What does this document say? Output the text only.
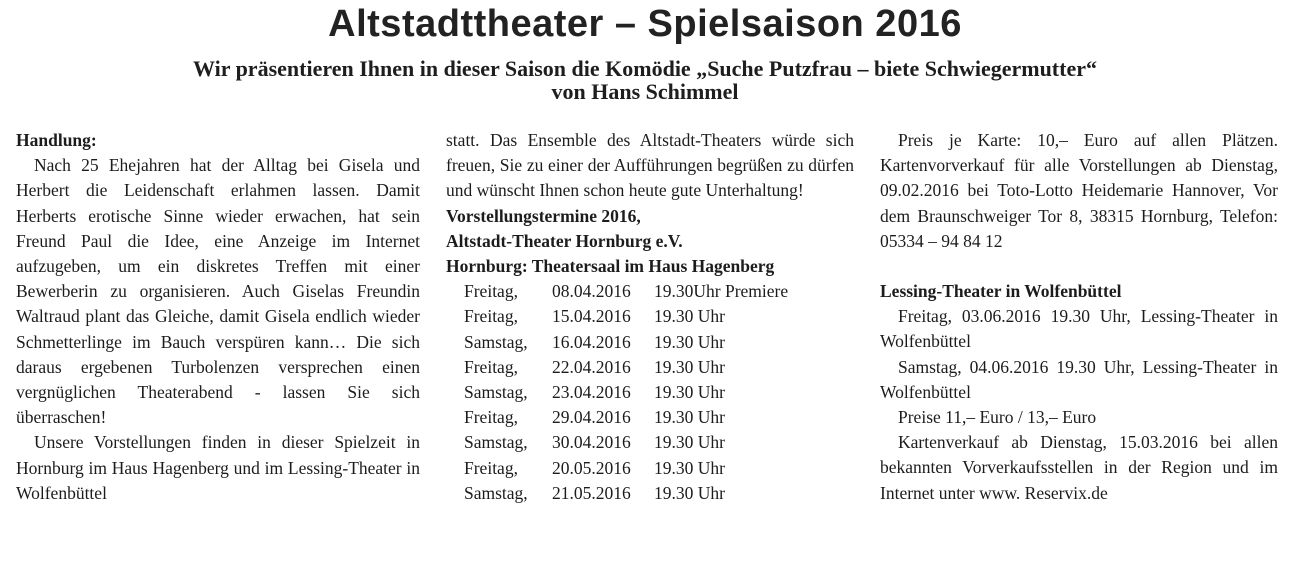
Altstadttheater – Spielsaison 2016
Wir präsentieren Ihnen in dieser Saison die Komödie „Suche Putzfrau – biete Schwiegermutter“
von Hans Schimmel

Handlung:

Nach 25 Ehejahren hat der Alltag bei Gisela und Herbert die Leidenschaft erlahmen lassen. Damit Herberts erotische Sinne wieder erwachen, hat sein Freund Paul die Idee, eine Anzeige im Internet aufzugeben, um ein diskretes Treffen mit einer Bewerberin zu organisieren. Auch Giselas Freundin Waltraud plant das Gleiche, damit Gisela endlich wieder Schmetterlinge im Bauch verspüren kann… Die sich daraus ergebenen Turbolenzen versprechen einen vergnüglichen Theaterabend - lassen Sie sich überraschen!

Unsere Vorstellungen finden in dieser Spielzeit in Hornburg im Haus Hagenberg und im Lessing-Theater in Wolfenbüttel

statt. Das Ensemble des Altstadt-Theaters würde sich freuen, Sie zu einer der Aufführungen begrüßen zu dürfen und wünscht Ihnen schon heute gute Unterhaltung!

Vorstellungstermine 2016,

Altstadt-Theater Hornburg e.V.

Hornburg: Theatersaal im Haus Hagenberg

Freitag, 08.04.2016 19.30Uhr Premiere
Freitag, 15.04.2016 19.30 Uhr
Samstag, 16.04.2016 19.30 Uhr
Freitag, 22.04.2016 19.30 Uhr
Samstag, 23.04.2016 19.30 Uhr
Freitag, 29.04.2016 19.30 Uhr
Samstag, 30.04.2016 19.30 Uhr
Freitag, 20.05.2016 19.30 Uhr
Samstag, 21.05.2016 19.30 Uhr

Preis je Karte: 10,– Euro auf allen Plätzen. Kartenvorverkauf für alle Vorstellungen ab Dienstag, 09.02.2016 bei Toto-Lotto Heidemarie Hannover, Vor dem Braunschweiger Tor 8, 38315 Hornburg, Telefon: 05334 – 94 84 12

Lessing-Theater in Wolfenbüttel

Freitag, 03.06.2016 19.30 Uhr, Lessing-Theater in Wolfenbüttel

Samstag, 04.06.2016 19.30 Uhr, Lessing-Theater in Wolfenbüttel

Preise 11,– Euro / 13,– Euro

Kartenverkauf ab Dienstag, 15.03.2016 bei allen bekannten Vorverkaufsstellen in der Region und im Internet unter www. Reservix.de
